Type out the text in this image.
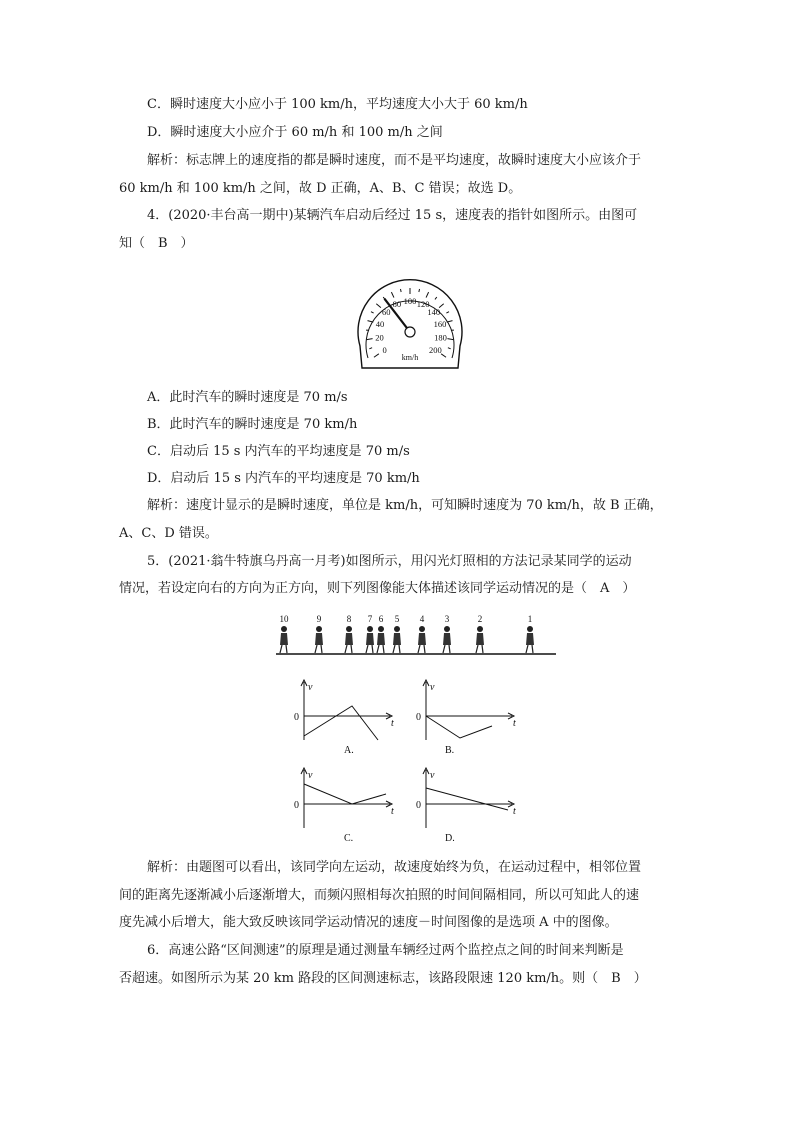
C．瞬时速度大小应小于 100 km/h，平均速度大小大于 60 km/h
D．瞬时速度大小应介于 60 m/h 和 100 m/h 之间
解析：标志牌上的速度指的都是瞬时速度，而不是平均速度，故瞬时速度大小应该介于
60 km/h 和 100 km/h 之间，故 D 正确，A、B、C 错误；故选 D。
4．(2020·丰台高一期中)某辆汽车启动后经过 15 s，速度表的指针如图所示。由图可
知（　B　）
0
20
40
60
80 100 120
140
160
180
200
km/h
A．此时汽车的瞬时速度是 70 m/s
B．此时汽车的瞬时速度是 70 km/h
C．启动后 15 s 内汽车的平均速度是 70 m/s
D．启动后 15 s 内汽车的平均速度是 70 km/h
解析：速度计显示的是瞬时速度，单位是 km/h，可知瞬时速度为 70 km/h，故 B 正确，
A、C、D 错误。
5．(2021·翁牛特旗乌丹高一月考)如图所示，用闪光灯照相的方法记录某同学的运动
情况，若设定向右的方向为正方向，则下列图像能大体描述该同学运动情况的是（　A　）
10	9	8 7 6 5 4 3	2	1
v
0
t
A.
v
0
t
B.
v
0
t
C.
v
0
t
D.
解析：由题图可以看出，该同学向左运动，故速度始终为负，在运动过程中，相邻位置
间的距离先逐渐减小后逐渐增大，而频闪照相每次拍照的时间间隔相同，所以可知此人的速
度先减小后增大，能大致反映该同学运动情况的速度－时间图像的是选项 A 中的图像。
6．高速公路“区间测速”的原理是通过测量车辆经过两个监控点之间的时间来判断是
否超速。如图所示为某 20 km 路段的区间测速标志，该路段限速 120 km/h。则（　B　）
